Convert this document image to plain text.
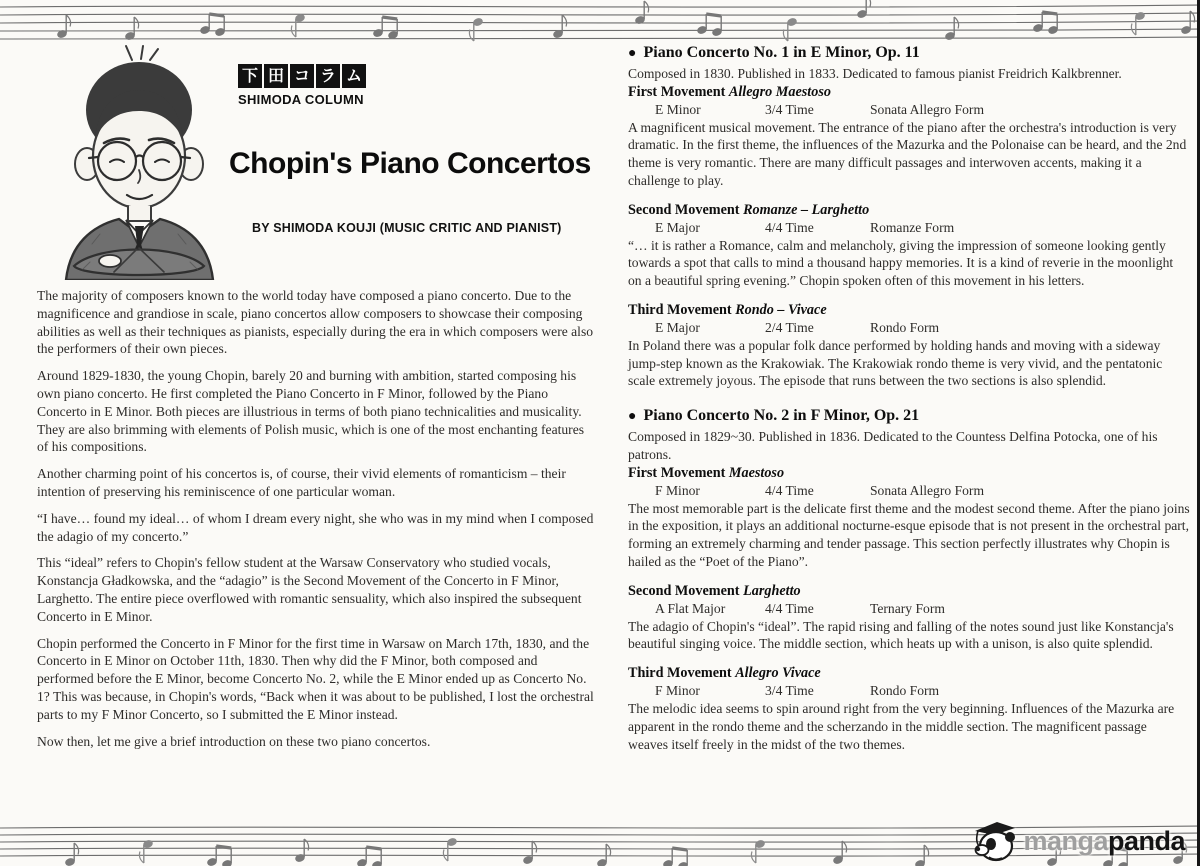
下 田 コ ラ ム
SHIMODA COLUMN
Chopin's Piano Concertos
BY SHIMODA KOUJI (MUSIC CRITIC AND PIANIST)

The majority of composers known to the world today have composed a piano concerto. Due to the magnificence and grandiose in scale, piano concertos allow composers to showcase their composing abilities as well as their techniques as pianists, especially during the era in which composers were also the performers of their own pieces.

Around 1829-1830, the young Chopin, barely 20 and burning with ambition, started composing his own piano concerto. He first completed the Piano Concerto in F Minor, followed by the Piano Concerto in E Minor. Both pieces are illustrious in terms of both piano technicalities and musicality. They are also brimming with elements of Polish music, which is one of the most enchanting features of his compositions.

Another charming point of his concertos is, of course, their vivid elements of romanticism – their intention of preserving his reminiscence of one particular woman.

“I have… found my ideal… of whom I dream every night, she who was in my mind when I composed the adagio of my concerto.”

This “ideal” refers to Chopin's fellow student at the Warsaw Conservatory who studied vocals, Konstancja Gładkowska, and the “adagio” is the Second Movement of the Concerto in F Minor, Larghetto. The entire piece overflowed with romantic sensuality, which also inspired the subsequent Concerto in E Minor.

Chopin performed the Concerto in F Minor for the first time in Warsaw on March 17th, 1830, and the Concerto in E Minor on October 11th, 1830. Then why did the F Minor, both composed and performed before the E Minor, become Concerto No. 2, while the E Minor ended up as Concerto No. 1? This was because, in Chopin's words, “Back when it was about to be published, I lost the orchestral parts to my F Minor Concerto, so I submitted the E Minor instead.

Now then, let me give a brief introduction on these two piano concertos.

● Piano Concerto No. 1 in E Minor, Op. 11

Composed in 1830. Published in 1833. Dedicated to famous pianist Freidrich Kalkbrenner.

First Movement Allegro Maestoso
E Minor	3/4 Time	Sonata Allegro Form

A magnificent musical movement. The entrance of the piano after the orchestra's introduction is very dramatic. In the first theme, the influences of the Mazurka and the Polonaise can be heard, and the 2nd theme is very romantic. There are many difficult passages and interwoven accents, making it a challenge to play.

Second Movement Romanze – Larghetto
E Major	4/4 Time	Romanze Form

“… it is rather a Romance, calm and melancholy, giving the impression of someone looking gently towards a spot that calls to mind a thousand happy memories. It is a kind of reverie in the moonlight on a beautiful spring evening.” Chopin spoken often of this movement in his letters.

Third Movement Rondo – Vivace
E Major	2/4 Time	Rondo Form

In Poland there was a popular folk dance performed by holding hands and moving with a sideway jump-step known as the Krakowiak. The Krakowiak rondo theme is very vivid, and the pentatonic scale extremely joyous. The episode that runs between the two sections is also splendid.

● Piano Concerto No. 2 in F Minor, Op. 21

Composed in 1829~30. Published in 1836. Dedicated to the Countess Delfina Potocka, one of his patrons.

First Movement Maestoso
F Minor	4/4 Time	Sonata Allegro Form

The most memorable part is the delicate first theme and the modest second theme. After the piano joins in the exposition, it plays an additional nocturne-esque episode that is not present in the orchestral part, forming an extremely charming and tender passage. This section perfectly illustrates why Chopin is hailed as the “Poet of the Piano”.

Second Movement Larghetto
A Flat Major	4/4 Time	Ternary Form

The adagio of Chopin's “ideal”. The rapid rising and falling of the notes sound just like Konstancja's beautiful singing voice. The middle section, which heats up with a unison, is also quite splendid.

Third Movement Allegro Vivace
F Minor	3/4 Time	Rondo Form

The melodic idea seems to spin around right from the very beginning. Influences of the Mazurka are apparent in the rondo theme and the scherzando in the middle section. The magnificent passage weaves itself freely in the midst of the two themes.

manga panda
